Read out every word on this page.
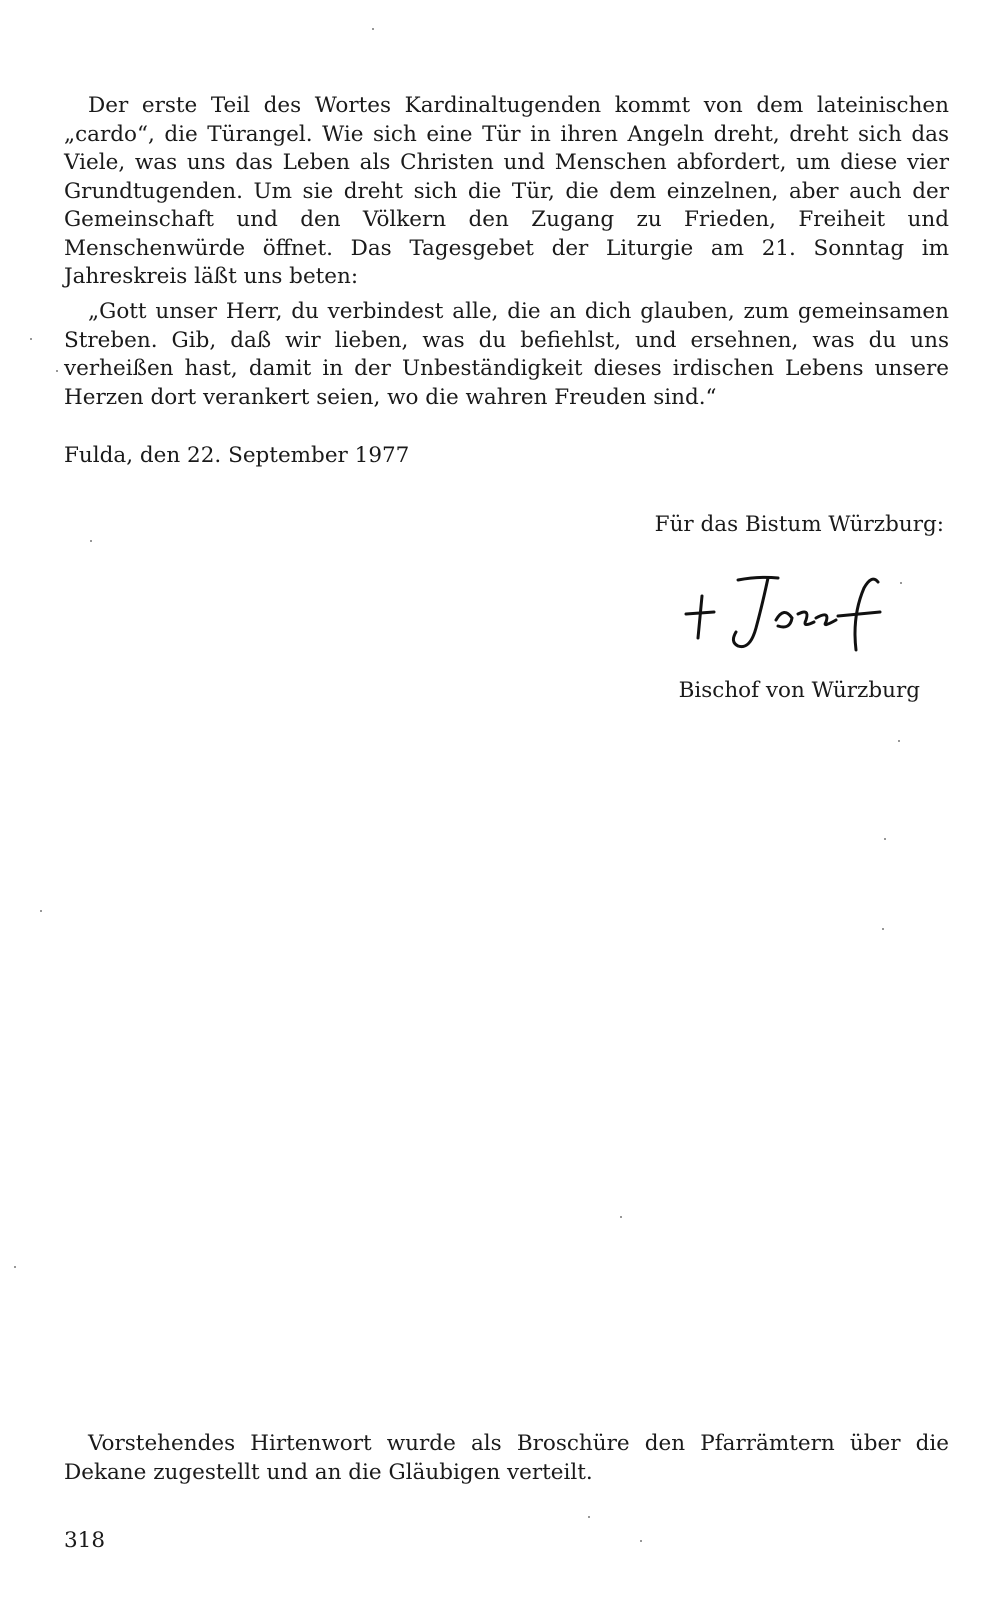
Der erste Teil des Wortes Kardinaltugenden kommt von dem lateinischen „cardo“, die Türangel. Wie sich eine Tür in ihren Angeln dreht, dreht sich das Viele, was uns das Leben als Christen und Menschen abfordert, um diese vier Grundtugenden. Um sie dreht sich die Tür, die dem einzelnen, aber auch der Gemeinschaft und den Völkern den Zugang zu Frieden, Freiheit und Menschenwürde öffnet. Das Tagesgebet der Liturgie am 21. Sonntag im Jahreskreis läßt uns beten:

„Gott unser Herr, du verbindest alle, die an dich glauben, zum gemeinsamen Streben. Gib, daß wir lieben, was du befiehlst, und ersehnen, was du uns verheißen hast, damit in der Unbeständigkeit dieses irdischen Lebens unsere Herzen dort verankert seien, wo die wahren Freuden sind.“

Fulda, den 22. September 1977
Für das Bistum Würzburg:
Bischof von Würzburg

Vorstehendes Hirtenwort wurde als Broschüre den Pfarrämtern über die Dekane zugestellt und an die Gläubigen verteilt.

318
